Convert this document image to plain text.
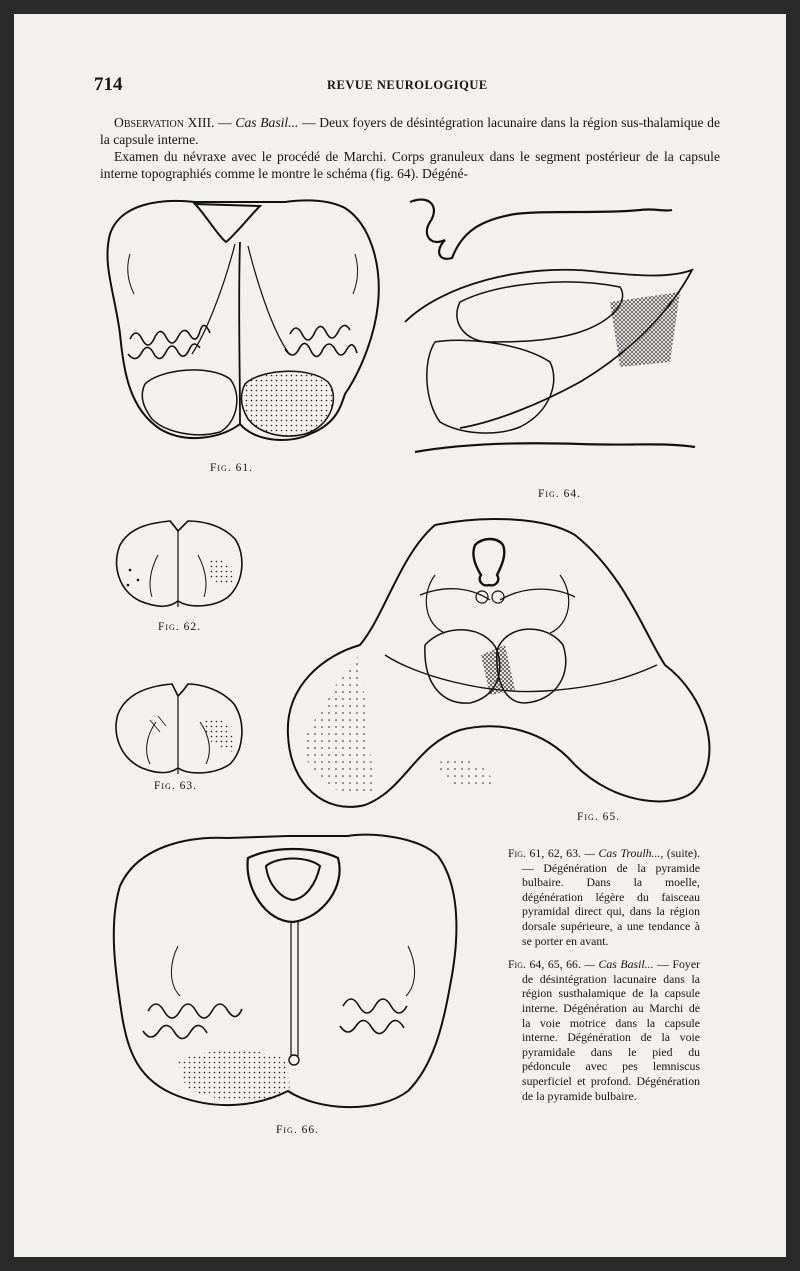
714	REVUE NEUROLOGIQUE

Observation XIII. — Cas Basil... — Deux foyers de désintégration lacunaire dans la région sus-thalamique de la capsule interne.

Examen du névraxe avec le procédé de Marchi. Corps granuleux dans le segment postérieur de la capsule interne topographiés comme le montre le schéma (fig. 64). Dégéné-

Fig. 61.
Fig. 64.
Fig. 62.
Fig. 63.
Fig. 65.
Fig. 66.

Fig. 61, 62, 63. — Cas Troulh..., (suite). — Dégénération de la pyramide bulbaire. Dans la moelle, dégénération légère du faisceau pyramidal direct qui, dans la région dorsale supérieure, a une tendance à se porter en avant.

Fig. 64, 65, 66. — Cas Basil... — Foyer de désintégration lacunaire dans la région susthalamique de la capsule interne. Dégénération au Marchi de la voie motrice dans la capsule interne. Dégénération de la voie pyramidale dans le pied du pédoncule avec pes lemniscus superficiel et profond. Dégénération de la pyramide bulbaire.
